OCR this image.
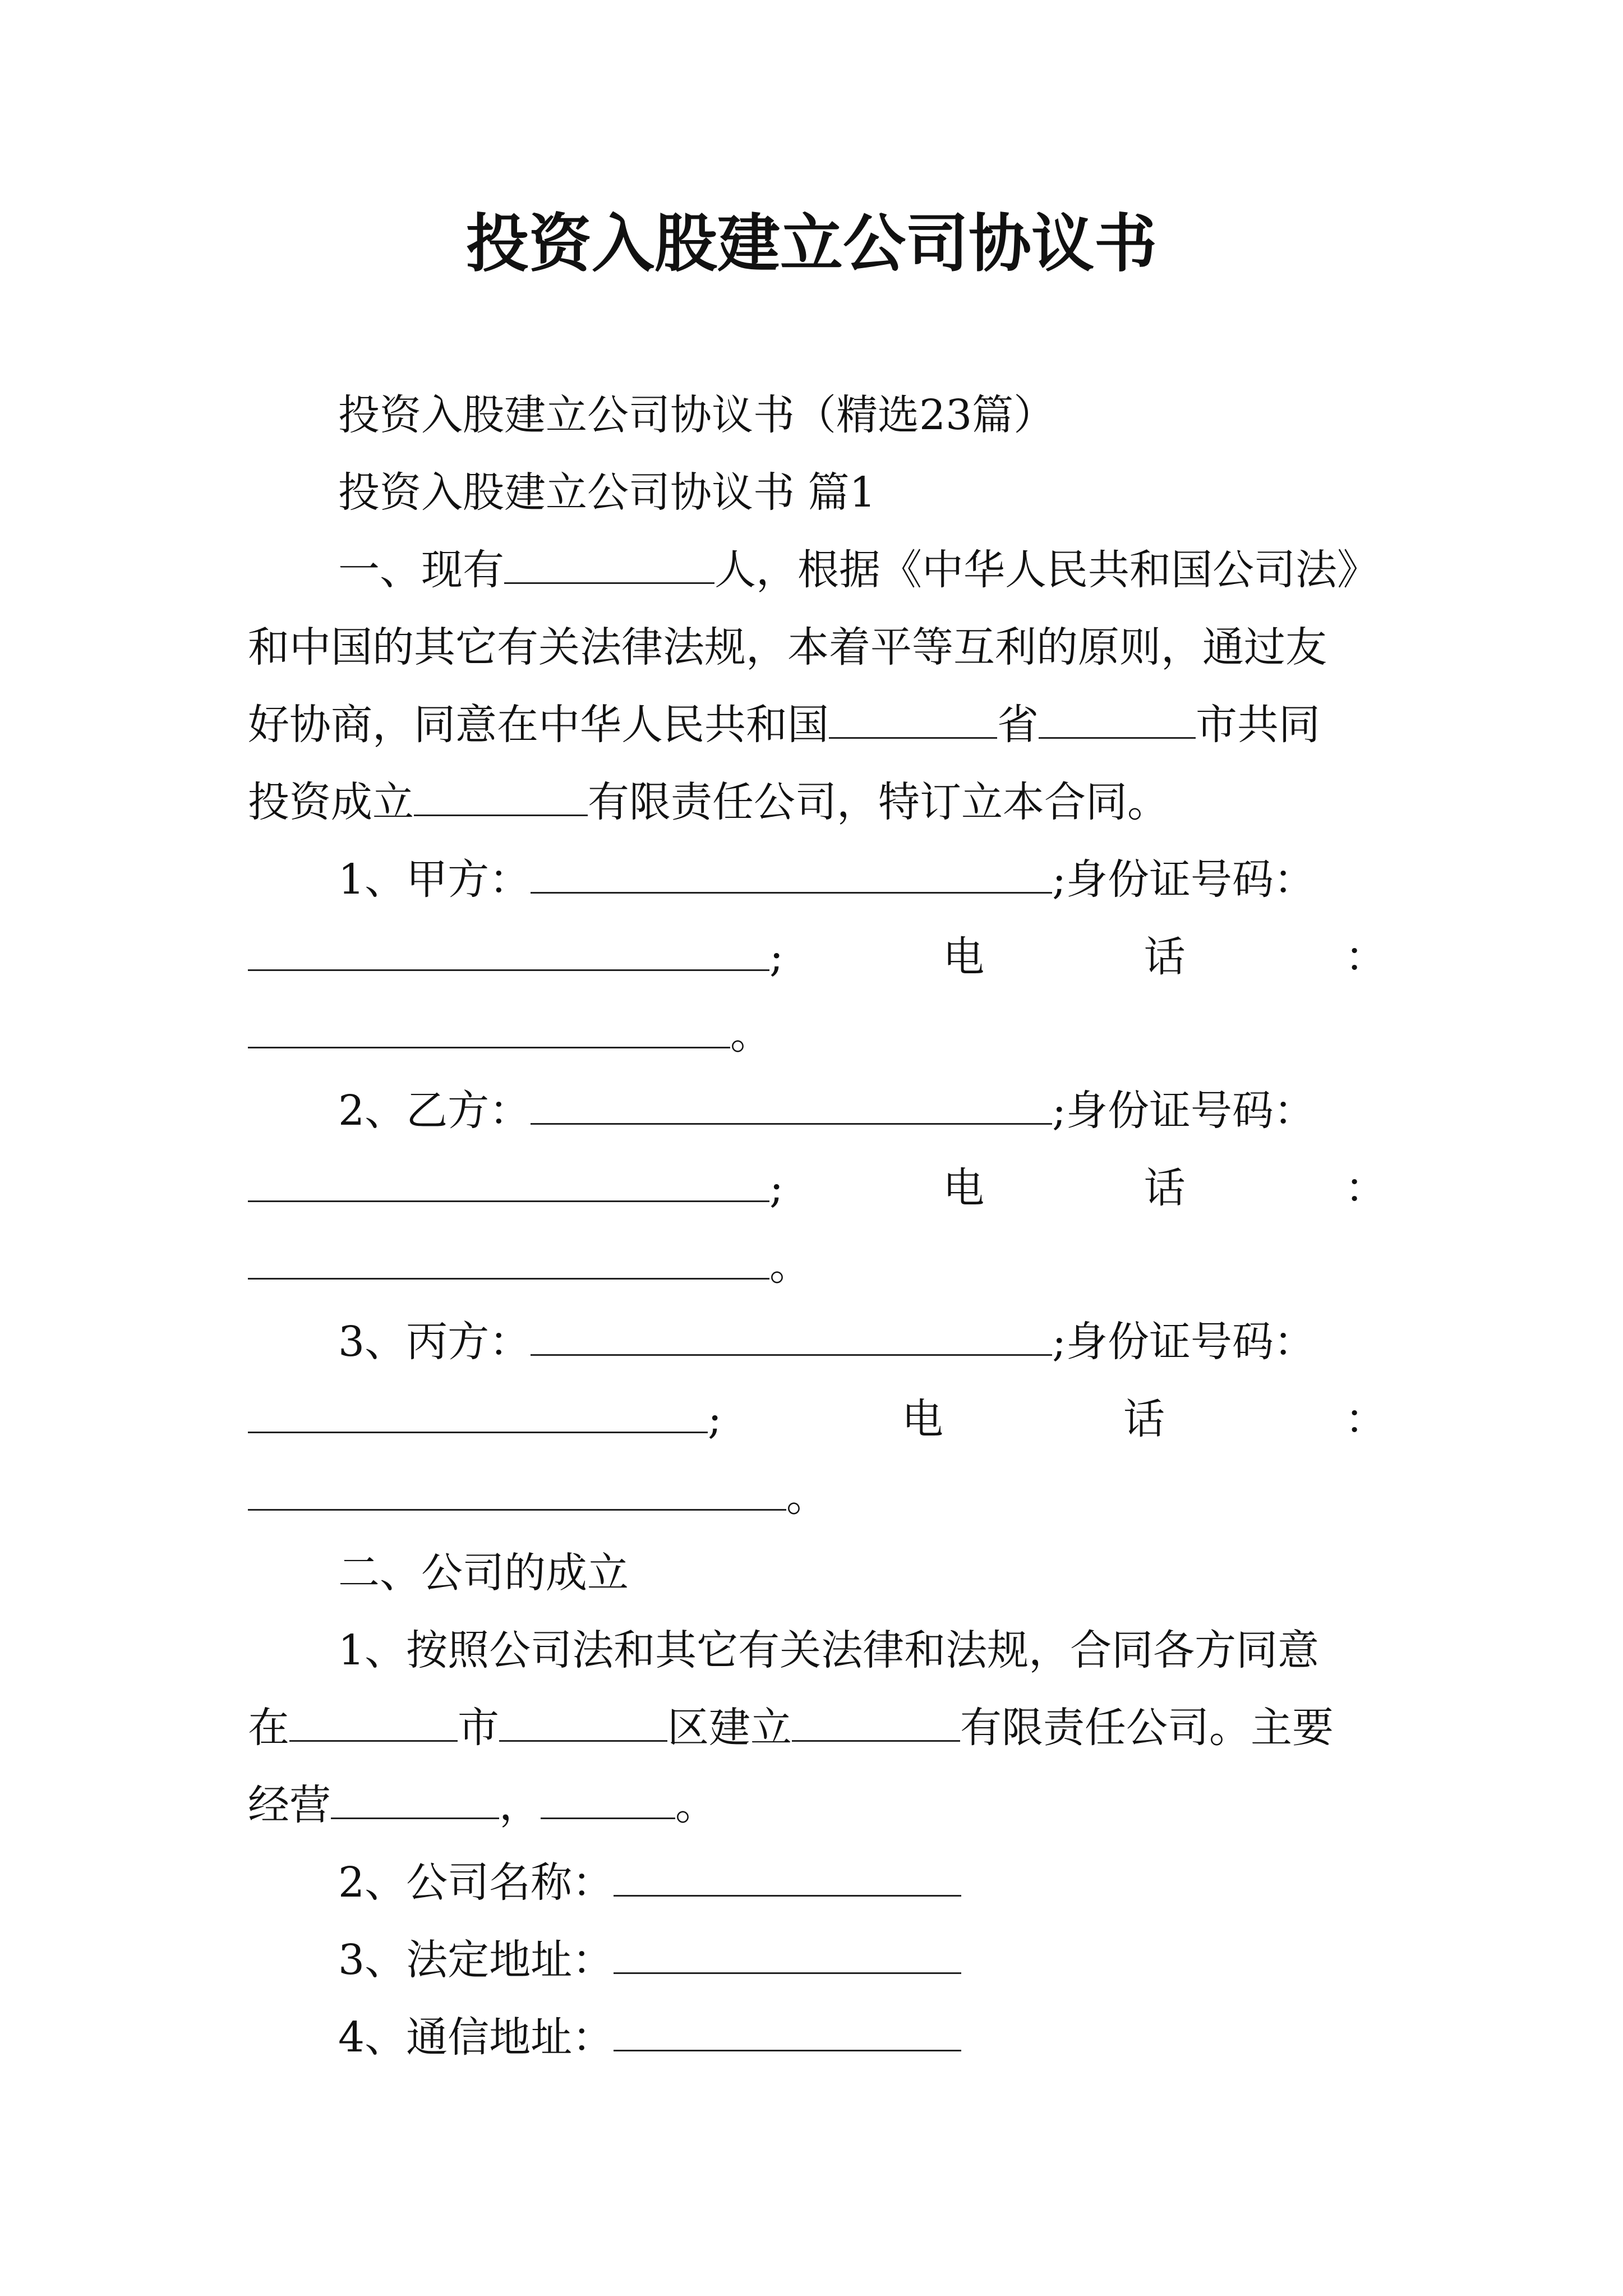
投资入股建立公司协议书
投资入股建立公司协议书（精选23篇）
投资入股建立公司协议书 篇1
一、现有	人，根据《中华人民共和国公司法》
和中国的其它有关法律法规，本着平等互利的原则，通过友
好协商，同意在中华人民共和国	省	市共同
投资成立	有限责任公司，特订立本合同。
1、甲方：	;身份证号码：
;	电	话	：
。
2、乙方：	;身份证号码：
;	电	话	：
。
3、丙方：	;身份证号码：
;	电	话	：
。
二、公司的成立
1、按照公司法和其它有关法律和法规，合同各方同意
在	市	区建立	有限责任公司。主要
经营	，	。
2、公司名称：
3、法定地址：
4、通信地址：
